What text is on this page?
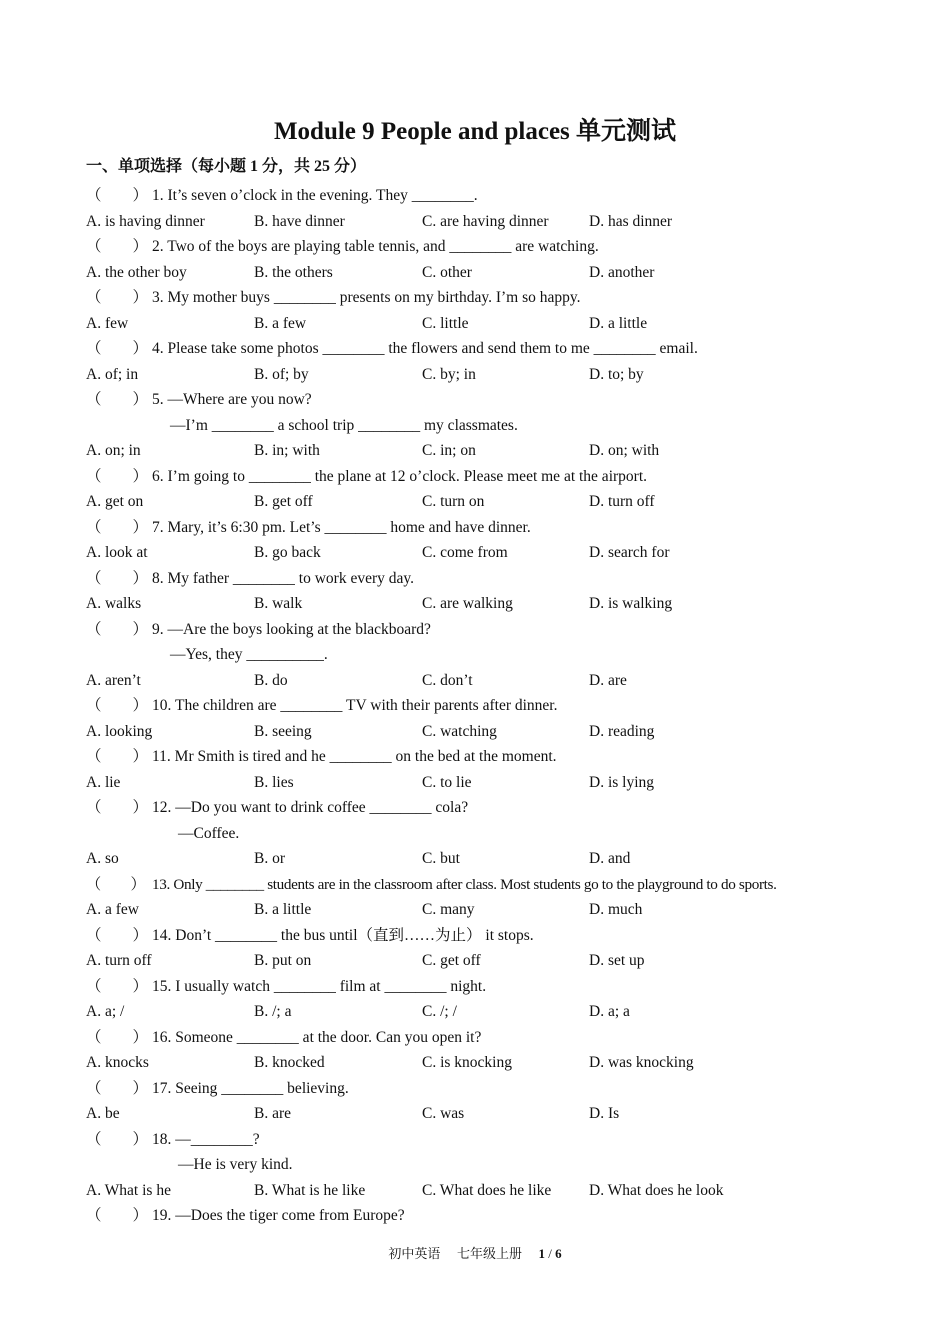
Module 9 People and places 单元测试
一、单项选择（每小题 1 分，共 25 分）
（　　） 1. It’s seven o’clock in the evening. They ________.
A. is having dinner	B. have dinner	C. are having dinner	D. has dinner
（　　） 2. Two of the boys are playing table tennis, and ________ are watching.
A. the other boy	B. the others	C. other	D. another
（　　） 3. My mother buys ________ presents on my birthday. I’m so happy.
A. few	B. a few	C. little	D. a little
（　　） 4. Please take some photos ________ the flowers and send them to me ________ email.
A. of; in	B. of; by	C. by; in	D. to; by
（　　） 5. —Where are you now?
—I’m ________ a school trip ________ my classmates.
A. on; in	B. in; with	C. in; on	D. on; with
（　　） 6. I’m going to ________ the plane at 12 o’clock. Please meet me at the airport.
A. get on	B. get off	C. turn on	D. turn off
（　　） 7. Mary, it’s 6:30 pm. Let’s ________ home and have dinner.
A. look at	B. go back	C. come from	D. search for
（　　） 8. My father ________ to work every day.
A. walks	B. walk	C. are walking	D. is walking
（　　） 9. —Are the boys looking at the blackboard?
—Yes, they __________.
A. aren’t	B. do	C. don’t	D. are
（　　） 10. The children are ________ TV with their parents after dinner.
A. looking	B. seeing	C. watching	D. reading
（　　） 11. Mr Smith is tired and he ________ on the bed at the moment.
A. lie	B. lies	C. to lie	D. is lying
（　　） 12. —Do you want to drink coffee ________ cola?
—Coffee.
A. so	B. or	C. but	D. and
（　　） 13. Only ________ students are in the classroom after class. Most students go to the playground to do sports.
A. a few	B. a little	C. many	D. much
（　　） 14. Don’t ________ the bus until（直到……为止） it stops.
A. turn off	B. put on	C. get off	D. set up
（　　） 15. I usually watch ________ film at ________ night.
A. a; /	B. /; a	C. /; /	D. a; a
（　　） 16. Someone ________ at the door. Can you open it?
A. knocks	B. knocked	C. is knocking	D. was knocking
（　　） 17. Seeing ________ believing.
A. be	B. are	C. was	D. Is
（　　） 18. —________?
—He is very kind.
A. What is he	B. What is he like	C. What does he like D. What does he look
（　　） 19. —Does the tiger come from Europe?
初中英语 七年级上册 1 / 6
